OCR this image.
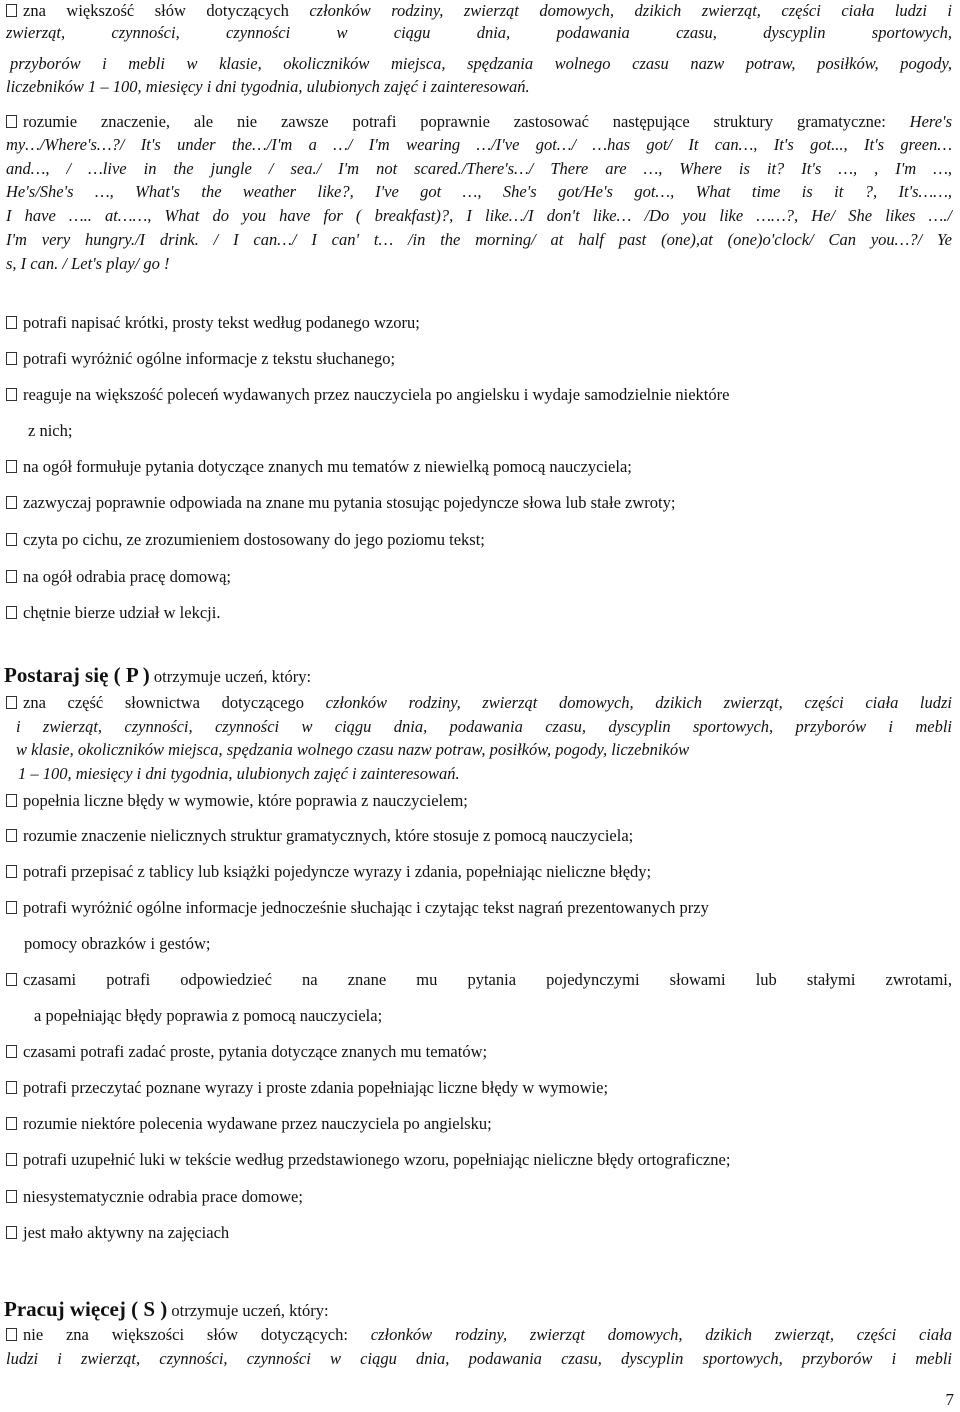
zna większość słów dotyczących członków rodziny, zwierząt domowych, dzikich zwierząt, części ciała ludzi i
zwierząt, czynności, czynności w ciągu dnia, podawania czasu, dyscyplin sportowych,
przyborów i mebli w klasie, okoliczników miejsca, spędzania wolnego czasu nazw potraw, posiłków, pogody,
liczebników 1 – 100, miesięcy i dni tygodnia, ulubionych zajęć i zainteresowań.
rozumie znaczenie, ale nie zawsze potrafi poprawnie zastosować następujące struktury gramatyczne: Here's
my…/Where's…?/ It's under the…/I'm a …/ I'm wearing …/I've got…/ …has got/ It can…, It's got..., It's green…
and…, / …live in the jungle / sea./ I'm not scared./There's…/ There are …, Where is it? It's …, , I'm …,
He's/She's …, What's the weather like?, I've got …, She's got/He's got…, What time is it ?, It's……,
I have ….. at……, What do you have for ( breakfast)?, I like…/I don't like… /Do you like ……?, He/ She likes …./
I'm very hungry./I drink. / I can…/ I can' t… /in the morning/ at half past (one),at (one)o'clock/ Can you…?/ Ye
s, I can. / Let's play/ go !
potrafi napisać krótki, prosty tekst według podanego wzoru;
potrafi wyróżnić ogólne informacje z tekstu słuchanego;
reaguje na większość poleceń wydawanych przez nauczyciela po angielsku i wydaje samodzielnie niektóre
z nich;
na ogół formułuje pytania dotyczące znanych mu tematów z niewielką pomocą nauczyciela;
zazwyczaj poprawnie odpowiada na znane mu pytania stosując pojedyncze słowa lub stałe zwroty;
czyta po cichu, ze zrozumieniem dostosowany do jego poziomu tekst;
na ogół odrabia pracę domową;
chętnie bierze udział w lekcji.
Postaraj się ( P ) otrzymuje uczeń, który:
zna część słownictwa dotyczącego członków rodziny, zwierząt domowych, dzikich zwierząt, części ciała ludzi
i zwierząt, czynności, czynności w ciągu dnia, podawania czasu, dyscyplin sportowych, przyborów i mebli
w klasie, okoliczników miejsca, spędzania wolnego czasu nazw potraw, posiłków, pogody, liczebników
1 – 100, miesięcy i dni tygodnia, ulubionych zajęć i zainteresowań.
popełnia liczne błędy w wymowie, które poprawia z nauczycielem;
rozumie znaczenie nielicznych struktur gramatycznych, które stosuje z pomocą nauczyciela;
potrafi przepisać z tablicy lub książki pojedyncze wyrazy i zdania, popełniając nieliczne błędy;
potrafi wyróżnić ogólne informacje jednocześnie słuchając i czytając tekst nagrań prezentowanych przy
pomocy obrazków i gestów;
czasami potrafi odpowiedzieć na znane mu pytania pojedynczymi słowami lub stałymi zwrotami,
a popełniając błędy poprawia z pomocą nauczyciela;
czasami potrafi zadać proste, pytania dotyczące znanych mu tematów;
potrafi przeczytać poznane wyrazy i proste zdania popełniając liczne błędy w wymowie;
rozumie niektóre polecenia wydawane przez nauczyciela po angielsku;
potrafi uzupełnić luki w tekście według przedstawionego wzoru, popełniając nieliczne błędy ortograficzne;
niesystematycznie odrabia prace domowe;
jest mało aktywny na zajęciach
Pracuj więcej ( S ) otrzymuje uczeń, który:
nie zna większości słów dotyczących: członków rodziny, zwierząt domowych, dzikich zwierząt, części ciała
ludzi i zwierząt, czynności, czynności w ciągu dnia, podawania czasu, dyscyplin sportowych, przyborów i mebli
7
